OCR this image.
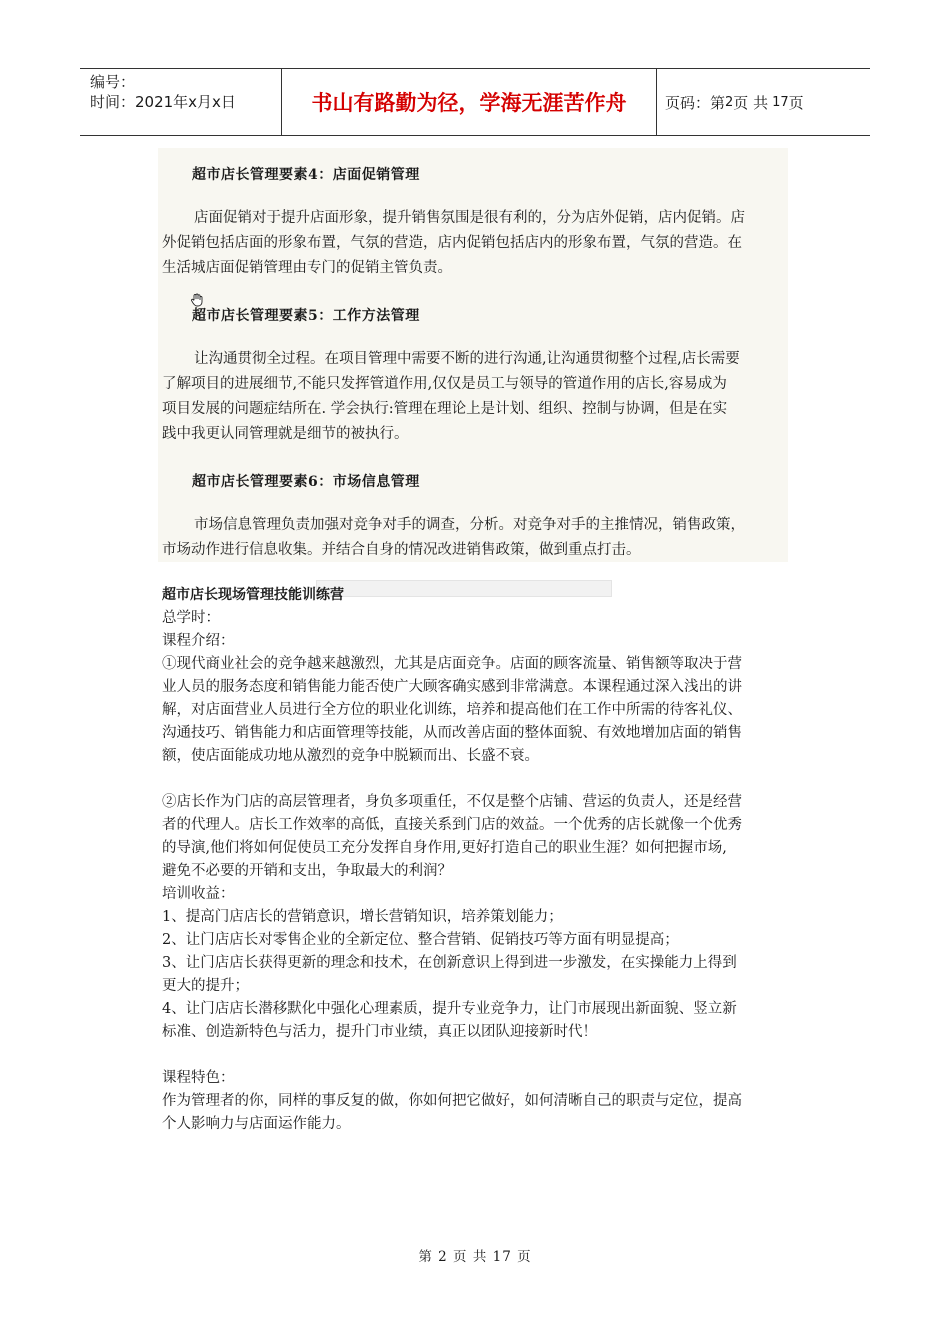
编号：
时间：2021年x月x日	书山有路勤为径，学海无涯苦作舟	页码：第 2 页 共 17 页
超市店长管理要素4：店面促销管理
店面促销对于提升店面形象，提升销售氛围是很有利的，分为店外促销，店内促销。店
外促销包括店面的形象布置，气氛的营造，店内促销包括店内的形象布置，气氛的营造。在
生活城店面促销管理由专门的促销主管负责。
超市店长管理要素5：工作方法管理
让沟通贯彻全过程。在项目管理中需要不断的进行沟通,让沟通贯彻整个过程,店长需要
了解项目的进展细节,不能只发挥管道作用,仅仅是员工与领导的管道作用的店长,容易成为
项目发展的问题症结所在. 学会执行:管理在理论上是计划、组织、控制与协调，但是在实
践中我更认同管理就是细节的被执行。
超市店长管理要素6：市场信息管理
市场信息管理负责加强对竞争对手的调查，分析。对竞争对手的主推情况，销售政策，
市场动作进行信息收集。并结合自身的情况改进销售政策，做到重点打击。
超市店长现场管理技能训练营
总学时：
课程介绍：
①现代商业社会的竞争越来越激烈，尤其是店面竞争。店面的顾客流量、销售额等取决于营
业人员的服务态度和销售能力能否使广大顾客确实感到非常满意。本课程通过深入浅出的讲
解，对店面营业人员进行全方位的职业化训练，培养和提高他们在工作中所需的待客礼仪、
沟通技巧、销售能力和店面管理等技能，从而改善店面的整体面貌、有效地增加店面的销售
额，使店面能成功地从激烈的竞争中脱颖而出、长盛不衰。
②店长作为门店的高层管理者，身负多项重任，不仅是整个店铺、营运的负责人，还是经营
者的代理人。店长工作效率的高低，直接关系到门店的效益。一个优秀的店长就像一个优秀
的导演,他们将如何促使员工充分发挥自身作用,更好打造自己的职业生涯？如何把握市场,
避免不必要的开销和支出，争取最大的利润？
培训收益：
1、提高门店店长的营销意识，增长营销知识，培养策划能力；
2、让门店店长对零售企业的全新定位、整合营销、促销技巧等方面有明显提高；
3、让门店店长获得更新的理念和技术，在创新意识上得到进一步激发，在实操能力上得到
更大的提升；
4、让门店店长潜移默化中强化心理素质，提升专业竞争力，让门市展现出新面貌、竖立新
标准、创造新特色与活力，提升门市业绩，真正以团队迎接新时代！
课程特色：
作为管理者的你，同样的事反复的做，你如何把它做好，如何清晰自己的职责与定位，提高
个人影响力与店面运作能力。
第 2 页 共 17 页
